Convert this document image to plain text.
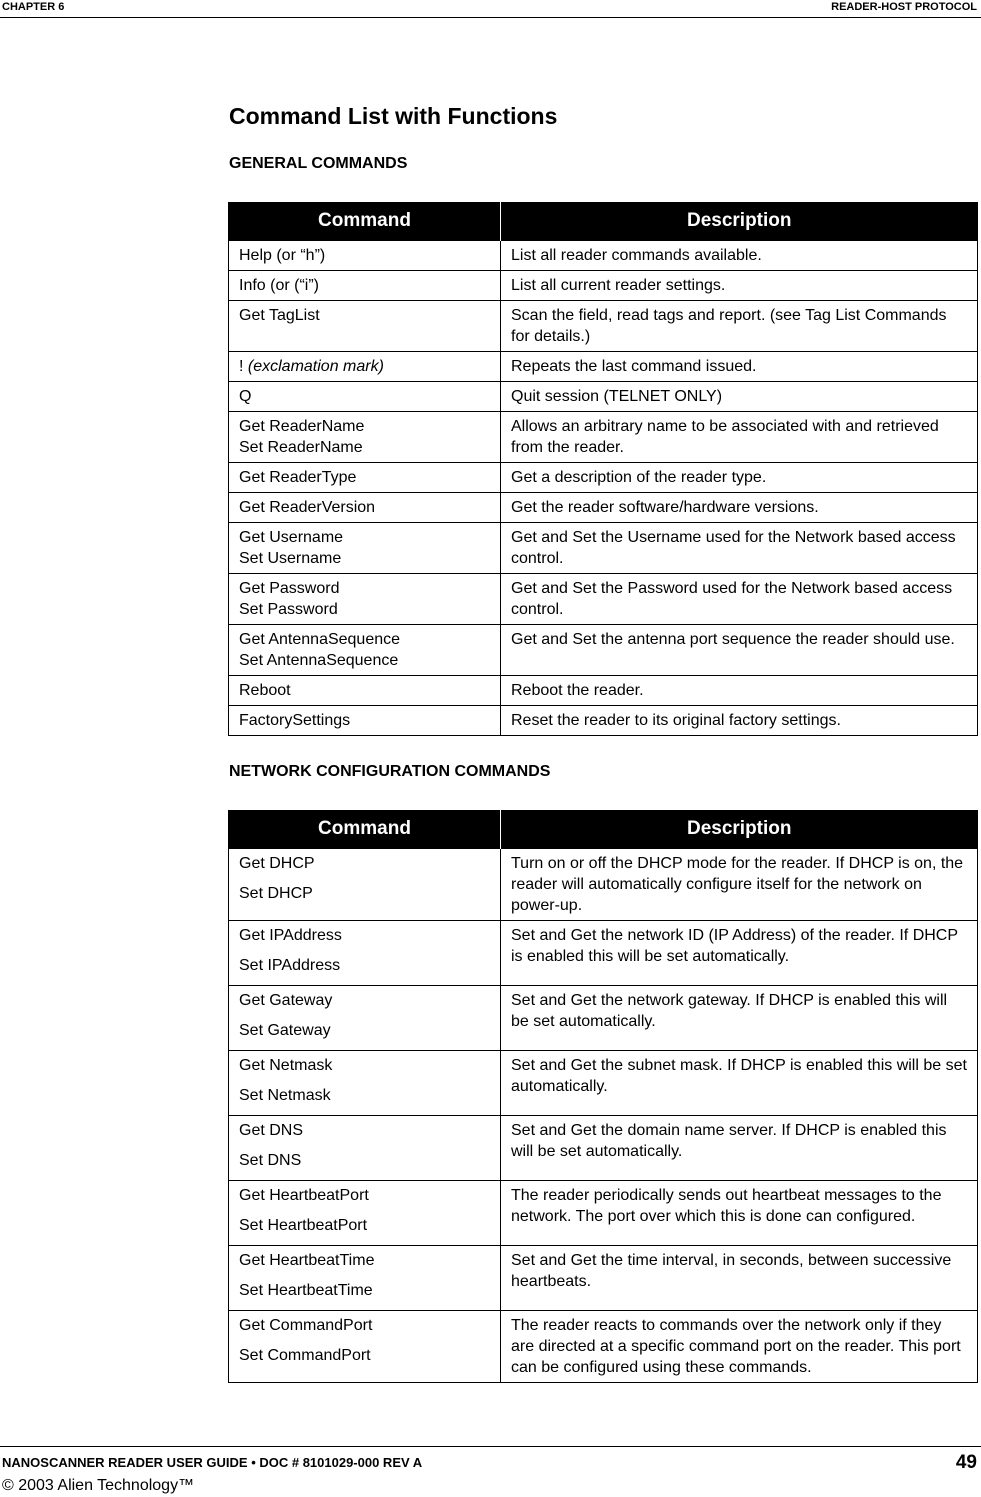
CHAPTER 6	READER-HOST PROTOCOL
Command List with Functions
GENERAL COMMANDS
Command	Description

Help (or “h”)	List all reader commands available.

Info (or (“i”)	List all current reader settings.

Get TagList	Scan the field, read tags and report. (see Tag List Commands for details.)

! (exclamation mark)	Repeats the last command issued.

Q	Quit session (TELNET ONLY)

Get ReaderName
Set ReaderName	Allows an arbitrary name to be associated with and retrieved from the reader.

Get ReaderType	Get a description of the reader type.

Get ReaderVersion	Get the reader software/hardware versions.

Get Username
Set Username	Get and Set the Username used for the Network based access control.

Get Password
Set Password	Get and Set the Password used for the Network based access control.

Get AntennaSequence
Set AntennaSequence	Get and Set the antenna port sequence the reader should use.

Reboot	Reboot the reader.

FactorySettings	Reset the reader to its original factory settings.
NETWORK CONFIGURATION COMMANDS
Command	Description

Get DHCP
Set DHCP	Turn on or off the DHCP mode for the reader. If DHCP is on, the reader will automatically configure itself for the network on power-up.

Get IPAddress
Set IPAddress	Set and Get the network ID (IP Address) of the reader. If DHCP is enabled this will be set automatically.

Get Gateway
Set Gateway	Set and Get the network gateway. If DHCP is enabled this will be set automatically.

Get Netmask
Set Netmask	Set and Get the subnet mask. If DHCP is enabled this will be set automatically.

Get DNS
Set DNS	Set and Get the domain name server. If DHCP is enabled this will be set automatically.

Get HeartbeatPort
Set HeartbeatPort	The reader periodically sends out heartbeat messages to the network. The port over which this is done can configured.

Get HeartbeatTime
Set HeartbeatTime	Set and Get the time interval, in seconds, between successive heartbeats.

Get CommandPort
Set CommandPort	The reader reacts to commands over the network only if they are directed at a specific command port on the reader. This port can be configured using these commands.
NANOSCANNER READER USER GUIDE • DOC # 8101029-000 REV A
© 2003 Alien Technology™
49
